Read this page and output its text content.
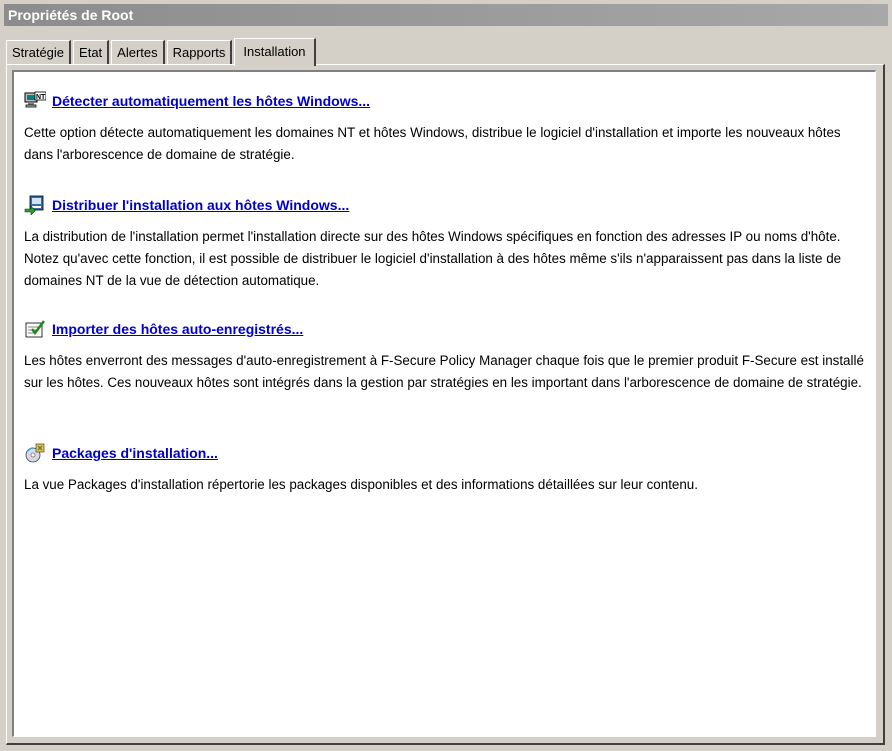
Propriétés de Root
Stratégie	Etat	Alertes	Rapports	Installation
NT Détecter automatiquement les hôtes Windows...
Cette option détecte automatiquement les domaines NT et hôtes Windows, distribue le logiciel d'installation et importe les nouveaux hôtes dans l'arborescence de domaine de stratégie.
Distribuer l'installation aux hôtes Windows...
La distribution de l'installation permet l'installation directe sur des hôtes Windows spécifiques en fonction des adresses IP ou noms d'hôte. Notez qu'avec cette fonction, il est possible de distribuer le logiciel d'installation à des hôtes même s'ils n'apparaissent pas dans la liste de domaines NT de la vue de détection automatique.
Importer des hôtes auto-enregistrés...
Les hôtes enverront des messages d'auto-enregistrement à F-Secure Policy Manager chaque fois que le premier produit F-Secure est installé sur les hôtes. Ces nouveaux hôtes sont intégrés dans la gestion par stratégies en les important dans l'arborescence de domaine de stratégie.
Packages d'installation...
La vue Packages d'installation répertorie les packages disponibles et des informations détaillées sur leur contenu.
